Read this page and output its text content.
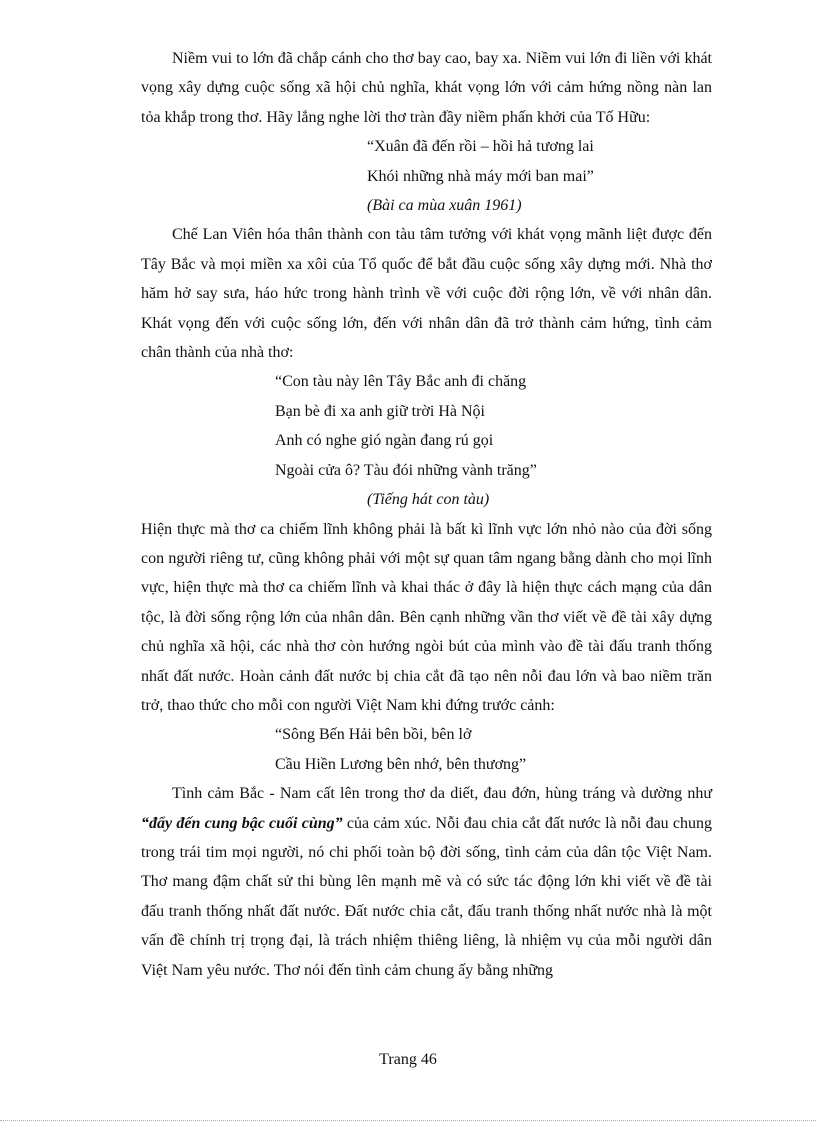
Niềm vui to lớn đã chắp cánh cho thơ bay cao, bay xa. Niềm vui lớn đi liền với khát vọng xây dựng cuộc sống xã hội chủ nghĩa, khát vọng lớn với cảm hứng nồng nàn lan tỏa khắp trong thơ. Hãy lắng nghe lời thơ tràn đầy niềm phấn khởi của Tố Hữu:

“Xuân đã đến rồi – hồi hả tương lai
Khói những nhà máy mới ban mai”
(Bài ca mùa xuân 1961)

Chế Lan Viên hóa thân thành con tàu tâm tưởng với khát vọng mãnh liệt được đến Tây Bắc và mọi miền xa xôi của Tổ quốc để bắt đầu cuộc sống xây dựng mới. Nhà thơ hăm hở say sưa, háo hức trong hành trình về với cuộc đời rộng lớn, về với nhân dân. Khát vọng đến với cuộc sống lớn, đến với nhân dân đã trở thành cảm hứng, tình cảm chân thành của nhà thơ:

“Con tàu này lên Tây Bắc anh đi chăng
Bạn bè đi xa anh giữ trời Hà Nội
Anh có nghe gió ngàn đang rú gọi
Ngoài cửa ô? Tàu đói những vành trăng”
(Tiếng hát con tàu)

Hiện thực mà thơ ca chiếm lĩnh không phải là bất kì lĩnh vực lớn nhỏ nào của đời sống con người riêng tư, cũng không phải với một sự quan tâm ngang bằng dành cho mọi lĩnh vực, hiện thực mà thơ ca chiếm lĩnh và khai thác ở đây là hiện thực cách mạng của dân tộc, là đời sống rộng lớn của nhân dân. Bên cạnh những vần thơ viết về đề tài xây dựng chủ nghĩa xã hội, các nhà thơ còn hướng ngòi bút của mình vào đề tài đấu tranh thống nhất đất nước. Hoàn cảnh đất nước bị chia cắt đã tạo nên nỗi đau lớn và bao niềm trăn trở, thao thức cho mỗi con người Việt Nam khi đứng trước cảnh:

“Sông Bến Hải bên bồi, bên lở
Cầu Hiền Lương bên nhớ, bên thương”

Tình cảm Bắc - Nam cất lên trong thơ da diết, đau đớn, hùng tráng và dường như “đẩy đến cung bậc cuối cùng” của cảm xúc. Nỗi đau chia cắt đất nước là nỗi đau chung trong trái tim mọi người, nó chi phối toàn bộ đời sống, tình cảm của dân tộc Việt Nam. Thơ mang đậm chất sử thi bùng lên mạnh mẽ và có sức tác động lớn khi viết về đề tài đấu tranh thống nhất đất nước. Đất nước chia cắt, đấu tranh thống nhất nước nhà là một vấn đề chính trị trọng đại, là trách nhiệm thiêng liêng, là nhiệm vụ của mỗi người dân Việt Nam yêu nước. Thơ nói đến tình cảm chung ấy bằng những

Trang 46
